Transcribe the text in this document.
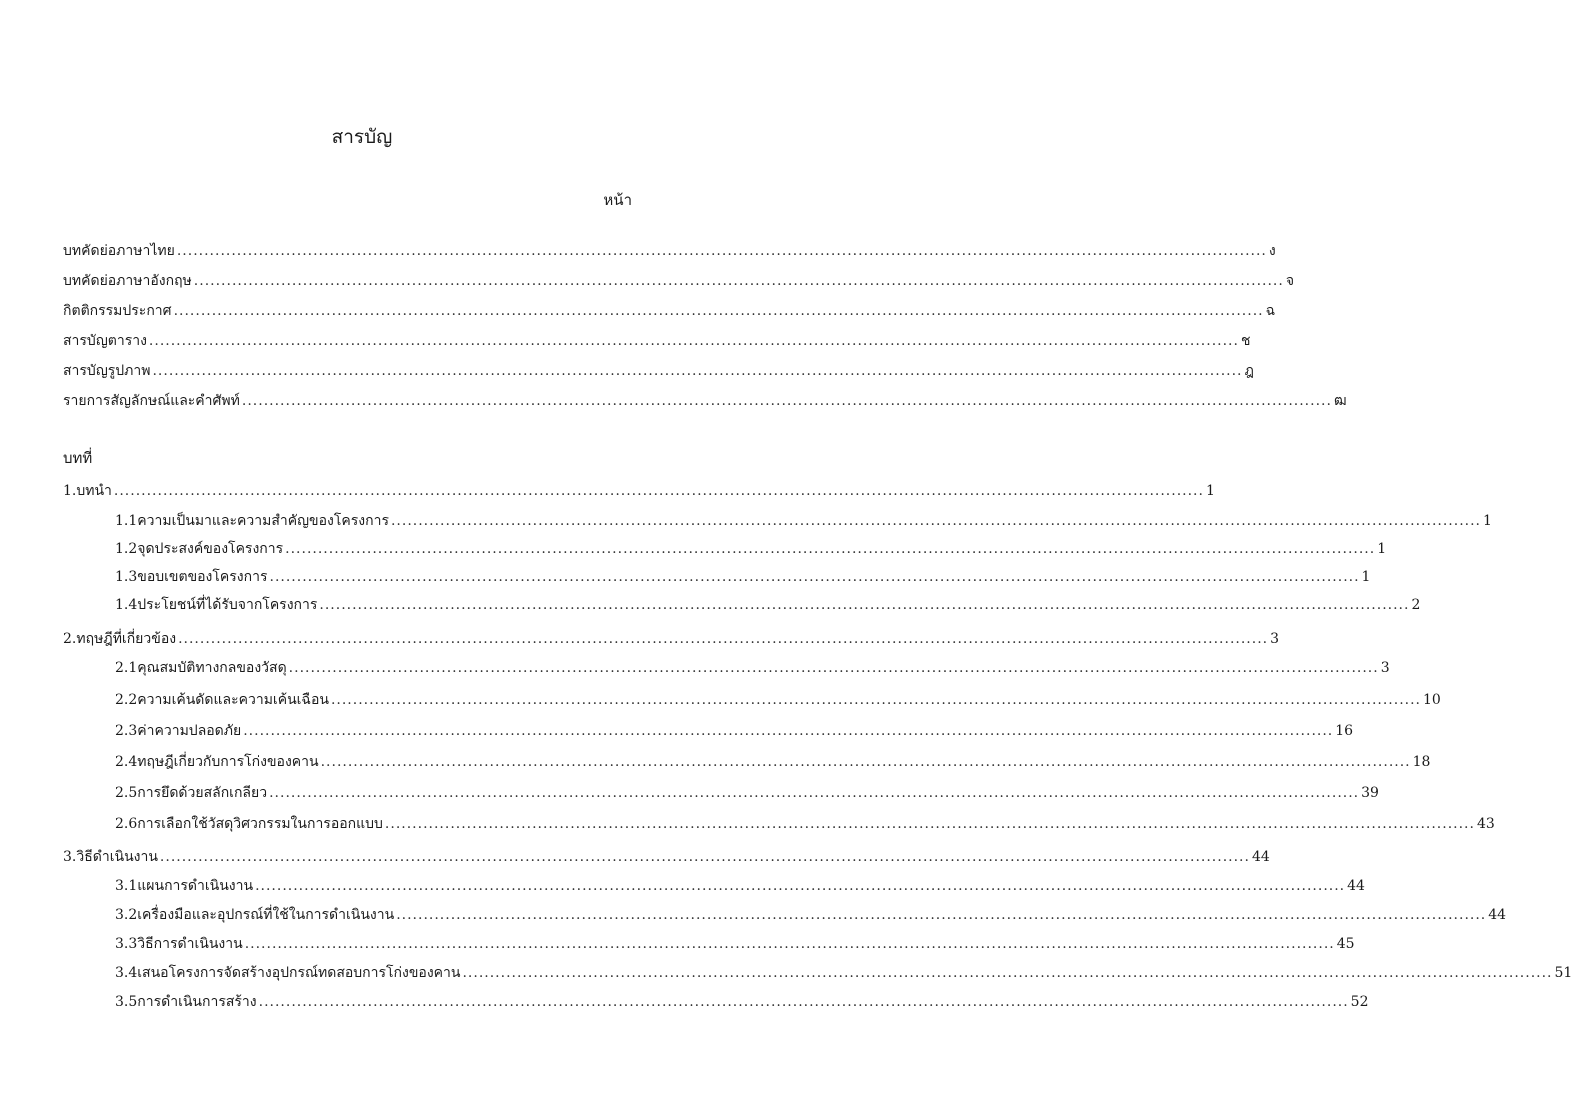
สารบัญ
หน้า
บทคัดย่อภาษาไทย ........................................................................................................................................................................................................ ง
บทคัดย่อภาษาอังกฤษ ........................................................................................................................................................................................................ จ
กิตติกรรมประกาศ ........................................................................................................................................................................................................ ฉ
สารบัญตาราง ........................................................................................................................................................................................................ ช
สารบัญรูปภาพ ........................................................................................................................................................................................................ ฎ
รายการสัญลักษณ์และคำศัพท์ ........................................................................................................................................................................................................ ฒ
บทที่
1. บทนำ ........................................................................................................................................................................................................ 1
1.1 ความเป็นมาและความสำคัญของโครงการ ........................................................................................................................................................................................................ 1
1.2 จุดประสงค์ของโครงการ ........................................................................................................................................................................................................ 1
1.3 ขอบเขตของโครงการ ........................................................................................................................................................................................................ 1
1.4 ประโยชน์ที่ได้รับจากโครงการ ........................................................................................................................................................................................................ 2
2. ทฤษฎีที่เกี่ยวข้อง ........................................................................................................................................................................................................ 3
2.1 คุณสมบัติทางกลของวัสดุ ........................................................................................................................................................................................................ 3
2.2 ความเค้นดัดและความเค้นเฉือน ........................................................................................................................................................................................................ 10
2.3 ค่าความปลอดภัย ........................................................................................................................................................................................................ 16
2.4 ทฤษฎีเกี่ยวกับการโก่งของคาน ........................................................................................................................................................................................................ 18
2.5 การยึดด้วยสลักเกลียว ........................................................................................................................................................................................................ 39
2.6 การเลือกใช้วัสดุวิศวกรรมในการออกแบบ ........................................................................................................................................................................................................ 43
3. วิธีดำเนินงาน ........................................................................................................................................................................................................ 44
3.1 แผนการดำเนินงาน ........................................................................................................................................................................................................ 44
3.2 เครื่องมือและอุปกรณ์ที่ใช้ในการดำเนินงาน ........................................................................................................................................................................................................ 44
3.3 วิธีการดำเนินงาน ........................................................................................................................................................................................................ 45
3.4 เสนอโครงการจัดสร้างอุปกรณ์ทดสอบการโก่งของคาน ........................................................................................................................................................................................................ 51
3.5 การดำเนินการสร้าง ........................................................................................................................................................................................................ 52
